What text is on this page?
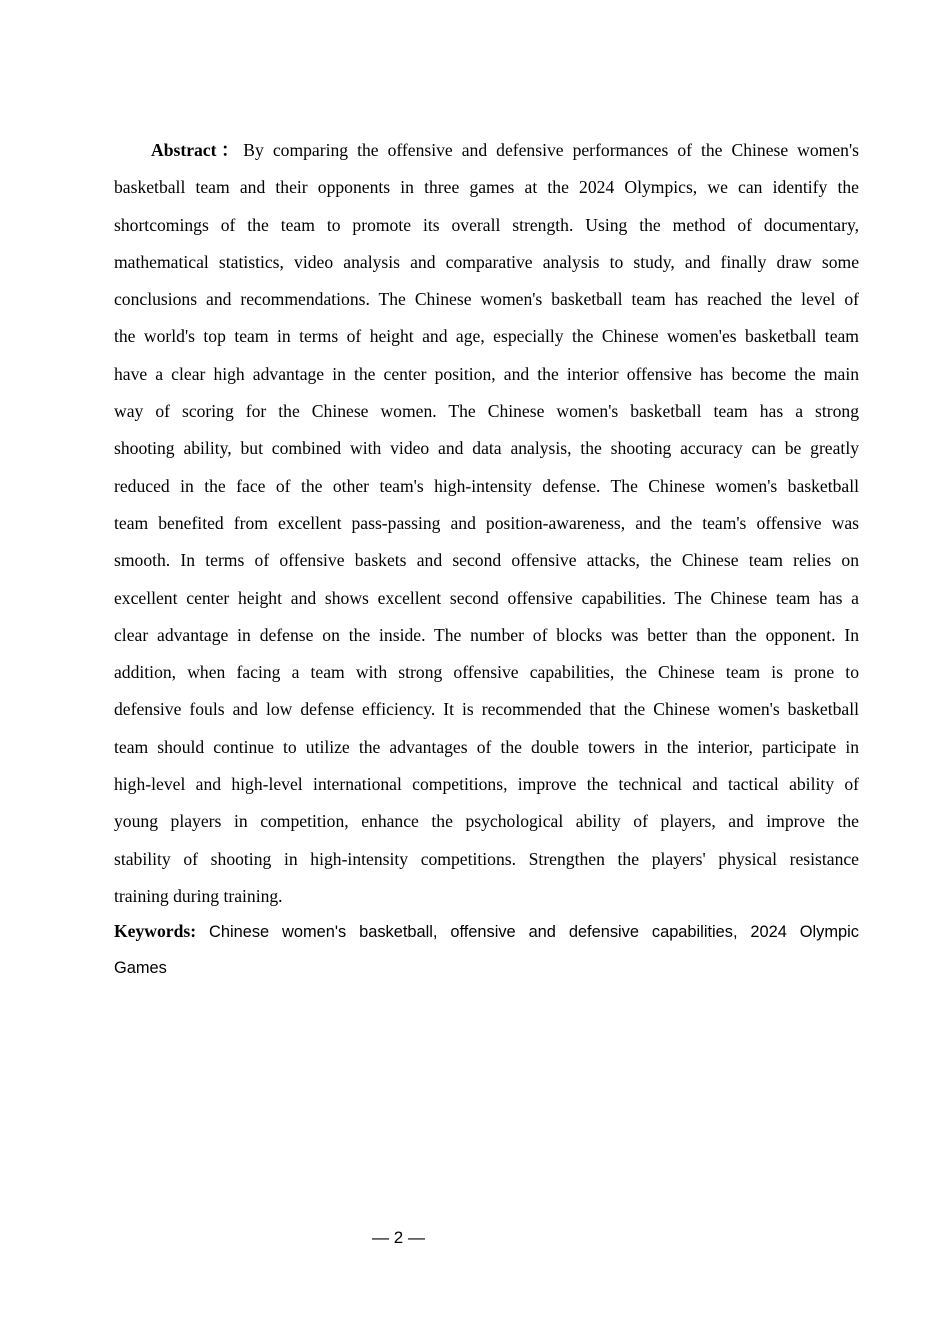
Abstract：By comparing the offensive and defensive performances of the Chinese women's
basketball team and their opponents in three games at the 2024 Olympics, we can identify the
shortcomings of the team to promote its overall strength. Using the method of documentary,
mathematical statistics, video analysis and comparative analysis to study, and finally draw some
conclusions and recommendations. The Chinese women's basketball team has reached the level of
the world's top team in terms of height and age, especially the Chinese women'es basketball team
have a clear high advantage in the center position, and the interior offensive has become the main
way of scoring for the Chinese women. The Chinese women's basketball team has a strong
shooting ability, but combined with video and data analysis, the shooting accuracy can be greatly
reduced in the face of the other team's high-intensity defense. The Chinese women's basketball
team benefited from excellent pass-passing and position-awareness, and the team's offensive was
smooth. In terms of offensive baskets and second offensive attacks, the Chinese team relies on
excellent center height and shows excellent second offensive capabilities. The Chinese team has a
clear advantage in defense on the inside. The number of blocks was better than the opponent. In
addition, when facing a team with strong offensive capabilities, the Chinese team is prone to
defensive fouls and low defense efficiency. It is recommended that the Chinese women's basketball
team should continue to utilize the advantages of the double towers in the interior, participate in
high-level and high-level international competitions, improve the technical and tactical ability of
young players in competition, enhance the psychological ability of players, and improve the
stability of shooting in high-intensity competitions. Strengthen the players' physical resistance
training during training.
Keywords: Chinese women's basketball, offensive and defensive capabilities, 2024 Olympic
Games
— 2 —
